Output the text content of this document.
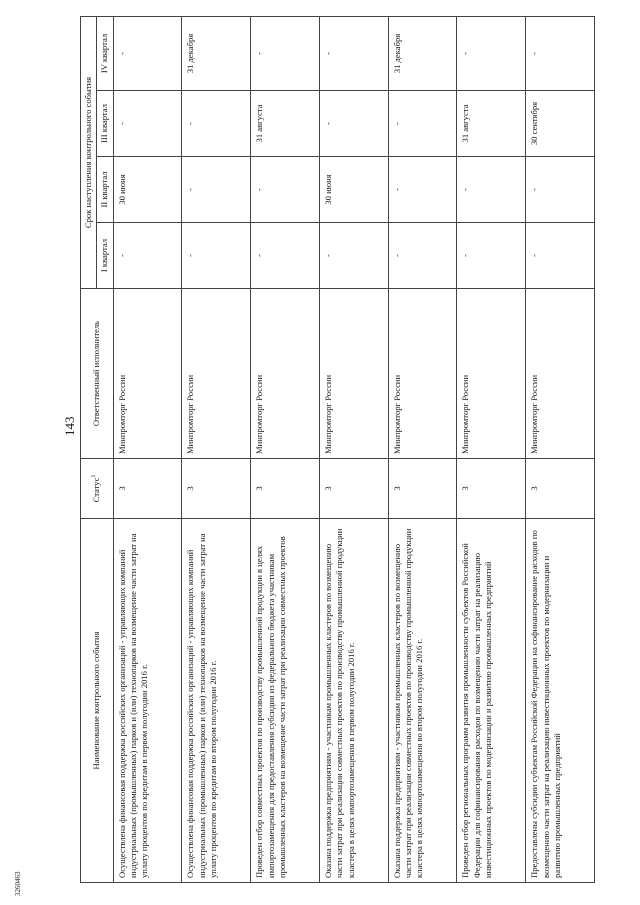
143
3260463
Наименование контрольного события	Статус$^1$	Ответственный исполнитель	Срок наступления контрольного события			
			I квартал	II квартал	III квартал	IV квартал
Осуществлена финансовая поддержка российских организаций - управляющих компаний индустриальных (промышленных) парков и (или) технопарков на возмещение части затрат на уплату процентов по кредитам в первом полугодии 2016 г.	3	Минпромторг России	-	30 июня	-	-
Осуществлена финансовая поддержка российских организаций - управляющих компаний индустриальных (промышленных) парков и (или) технопарков на возмещение части затрат на уплату процентов по кредитам во втором полугодии 2016 г.	3	Минпромторг России	-	-	-	31 декабря
Проведен отбор совместных проектов по производству промышленной продукции в целях импортозамещения для предоставления субсидии из федерального бюджета участникам промышленных кластеров на возмещение части затрат при реализации совместных проектов	3	Минпромторг России	-	-	31 августа	-
Оказана поддержка предприятиям - участникам промышленных кластеров по возмещению части затрат при реализации совместных проектов по производству промышленной продукции кластера в целях импортозамещения в первом полугодии 2016 г.	3	Минпромторг России	-	30 июня	-	-
Оказана поддержка предприятиям - участникам промышленных кластеров по возмещению части затрат при реализации совместных проектов по производству промышленной продукции кластера в целях импортозамещения во втором полугодии 2016 г.	3	Минпромторг России	-	-	-	31 декабря
Проведен отбор региональных программ развития промышленности субъектов Российской Федерации для софинансирования расходов по возмещению части затрат на реализацию инвестиционных проектов по модернизации и развитию промышленных предприятий	3	Минпромторг России	-	-	31 августа	-
Предоставлены субсидии субъектам Российской Федерации на софинансирование расходов по возмещению части затрат на реализацию инвестиционных проектов по модернизации и развитию промышленных предприятий	3	Минпромторг России	-	-	30 сентября	-
